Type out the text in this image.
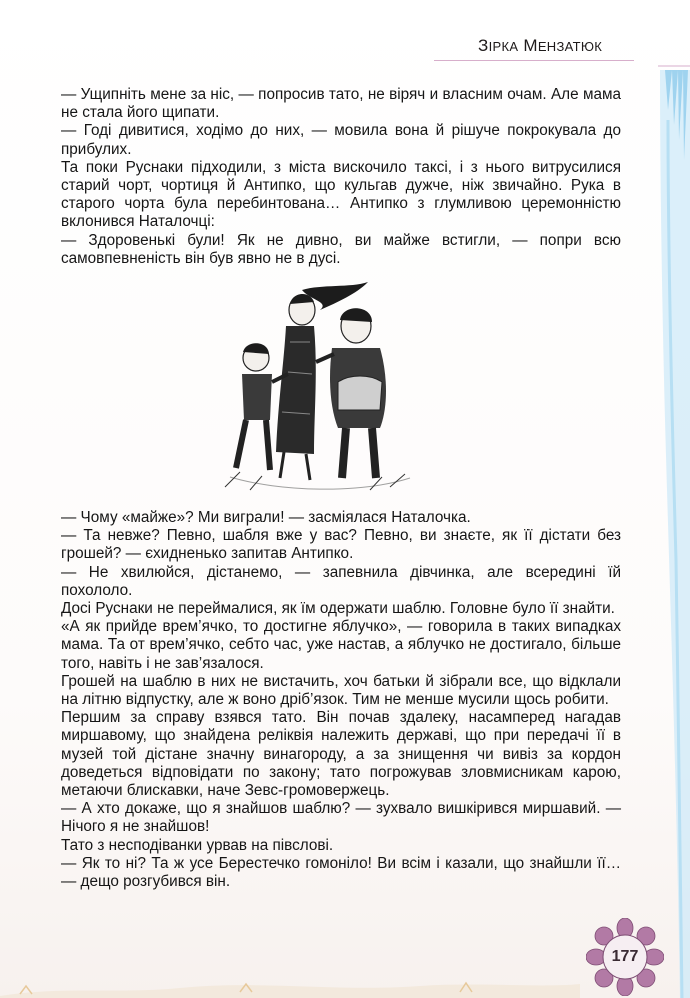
ЗІРКА МЕНЗАТЮК

— Ущипніть мене за ніс, — попросив тато, не віряч и власним очам. Але мама не стала його щипати.

— Годі дивитися, ходімо до них, — мовила вона й рішуче покрокувала до прибулих.

Та поки Руснаки підходили, з міста вискочило таксі, і з нього витрусилися старий чорт, чортиця й Антипко, що кульгав дужче, ніж звичайно. Рука в старого чорта була перебинтована… Антипко з глумливою церемонністю вклонився Наталочці:

— Здоровенькі були! Як не дивно, ви майже встигли, — попри всю самовпевненість він був явно не в дусі.

— Чому «майже»? Ми виграли! — засміялася Наталочка.

— Та невже? Певно, шабля вже у вас? Певно, ви знаєте, як її дістати без грошей? — єхидненько запитав Антипко.

— Не хвилюйся, дістанемо, — запевнила дівчинка, але всередині їй похололо.

Досі Руснаки не переймалися, як їм одержати шаблю. Головне було її знайти.

«А як прийде врем’ячко, то достигне яблучко», — говорила в таких випадках мама. Та от врем’ячко, себто час, уже настав, а яблучко не достигало, більше того, навіть і не зав’язалося.

Грошей на шаблю в них не вистачить, хоч батьки й зібрали все, що відклали на літню відпустку, але ж воно дріб’язок. Тим не менше мусили щось робити.

Першим за справу взявся тато. Він почав здалеку, насамперед нагадав миршавому, що знайдена реліквія належить державі, що при передачі її в музей той дістане значну винагороду, а за знищення чи вивіз за кордон доведеться відповідати по закону; тато погрожував зловмисникам карою, метаючи блискавки, наче Зевс-громовержець.

— А хто докаже, що я знайшов шаблю? — зухвало вишкірився миршавий. — Нічого я не знайшов!

Тато з несподіванки урвав на півслові.

— Як то ні? Та ж усе Берестечко гомоніло! Ви всім і казали, що знайшли її… — дещо розгубився він.

177
